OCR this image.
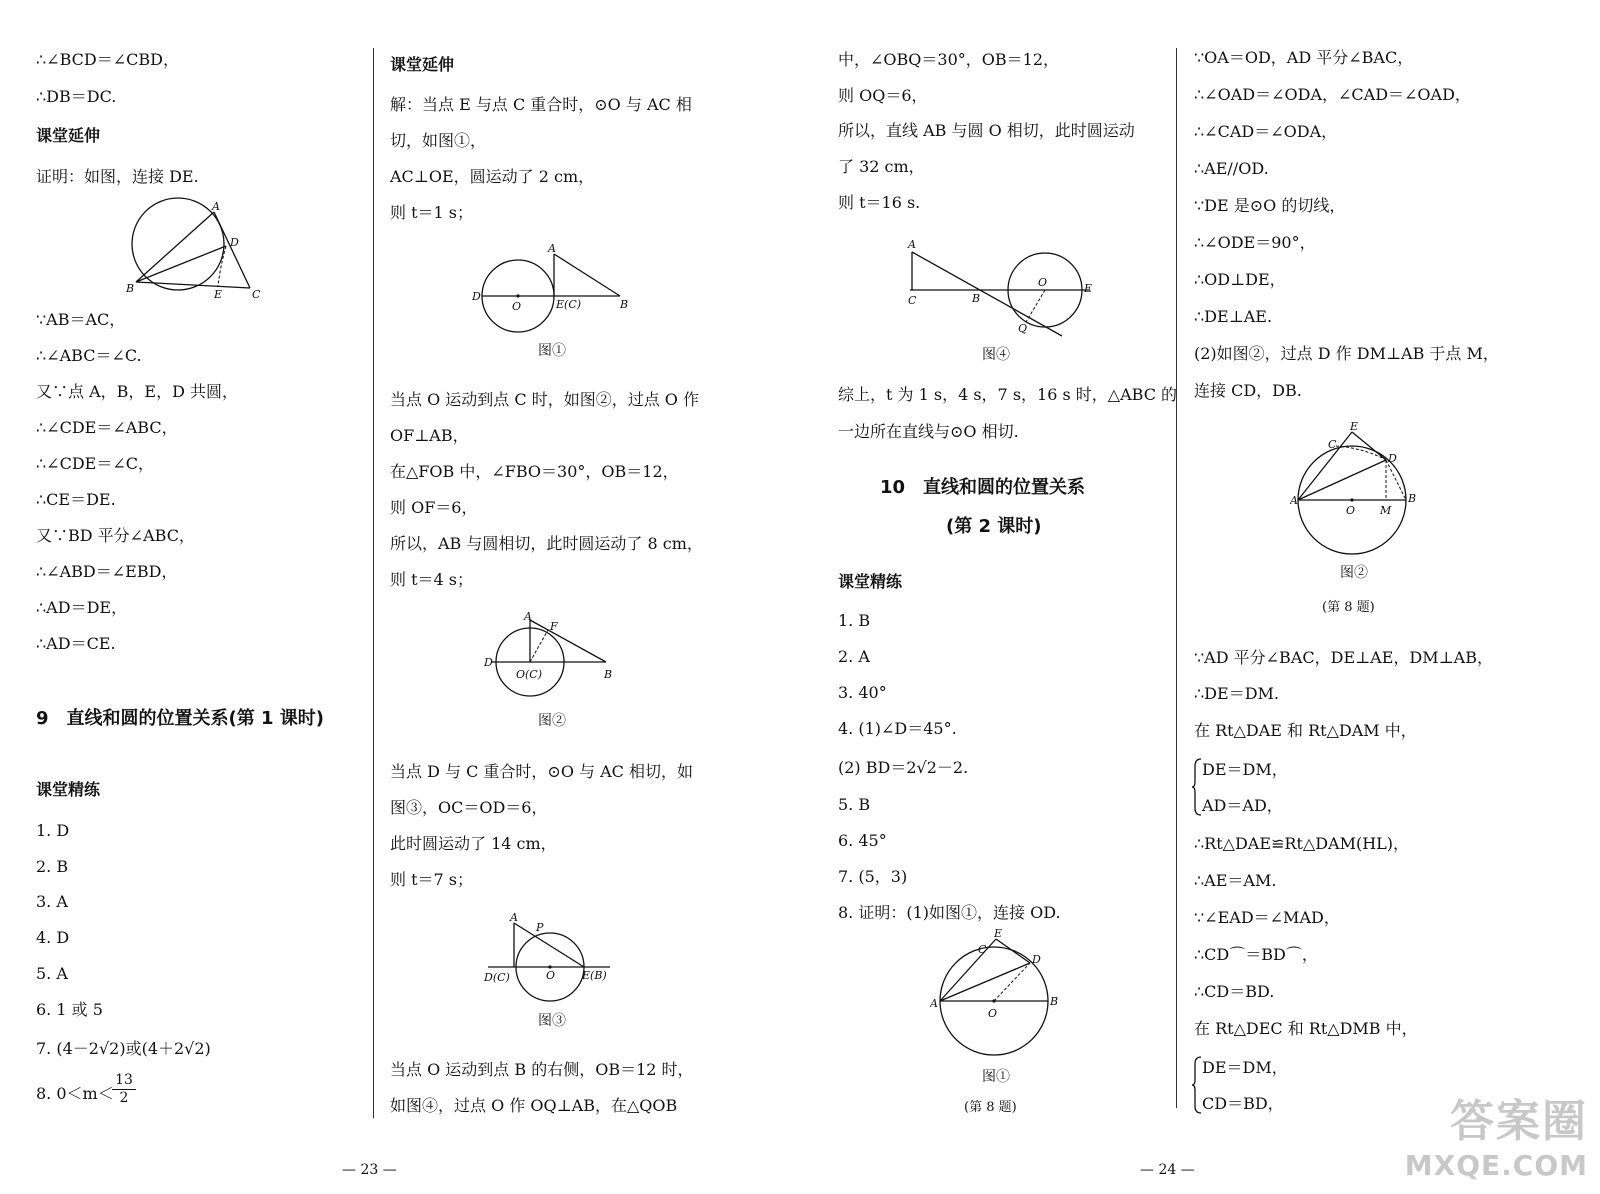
∴∠BCD＝∠CBD，
∴DB＝DC.
课堂延伸
证明：如图，连接 DE.
A
D
B	E	C
∵AB＝AC，
∴∠ABC＝∠C.
又∵点 A，B，E，D 共圆，
∴∠CDE＝∠ABC，
∴∠CDE＝∠C，
∴CE＝DE.
又∵BD 平分∠ABC，
∴∠ABD＝∠EBD，
∴AD＝DE，
∴AD＝CE.
9　直线和圆的位置关系(第 1 课时)
课堂精练
1. D
2. B
3. A
4. D
5. A
6. 1 或 5
7. (4－2√2)或(4＋2√2)
8. 0＜m＜
$\frac{13}{2}$
课堂延伸
解：当点 E 与点 C 重合时，⊙O 与 AC 相
切，如图①，
AC⊥OE，圆运动了 2 cm，
则 t＝1 s；
A
D
O	E(C)	B
图①
当点 O 运动到点 C 时，如图②，过点 O 作
OF⊥AB，
在△FOB 中，∠FBO＝30°，OB＝12，
则 OF＝6，
所以，AB 与圆相切，此时圆运动了 8 cm，
则 t＝4 s；
A
F
D
O(C)	B
图②
当点 D 与 C 重合时，⊙O 与 AC 相切，如
图③，OC＝OD＝6，
此时圆运动了 14 cm，
则 t＝7 s；
A
P
D(C)	O E(B)
图③
当点 O 运动到点 B 的右侧，OB＝12 时，
如图④，过点 O 作 OQ⊥AB，在△QOB
— 23 —
中，∠OBQ＝30°，OB＝12，
则 OQ＝6，
所以，直线 AB 与圆 O 相切，此时圆运动
了 32 cm，
则 t＝16 s.
A
C	B
O	E
Q
图④
综上，t 为 1 s，4 s，7 s，16 s 时，△ABC 的
一边所在直线与⊙O 相切.
10　直线和圆的位置关系
(第 2 课时)
课堂精练
1. B
2. A
3. 40°
4. (1)∠D＝45°.
(2) BD＝2√2－2.
5. B
6. 45°
7. (5，3)
8. 证明：(1)如图①，连接 OD.
C
E
D
A
O
B
图①
(第 8 题)
∵OA＝OD，AD 平分∠BAC，
∴∠OAD＝∠ODA，∠CAD＝∠OAD，
∴∠CAD＝∠ODA，
∴AE//OD.
∵DE 是⊙O 的切线，
∴∠ODE＝90°，
∴OD⊥DE，
∴DE⊥AE.
(2)如图②，过点 D 作 DM⊥AB 于点 M，
连接 CD，DB.
C
E
D
A
O M
B
图②
(第 8 题)
∵AD 平分∠BAC，DE⊥AE，DM⊥AB，
∴DE＝DM.
在 Rt△DAE 和 Rt△DAM 中，
DE＝DM，
AD＝AD，
∴Rt△DAE≌Rt△DAM(HL)，
∴AE＝AM.
∵∠EAD＝∠MAD，
∴CD⌒＝BD⌒，
∴CD＝BD.
在 Rt△DEC 和 Rt△DMB 中，
DE＝DM，
CD＝BD，
— 24 —
答案圈
MXQE.COM
